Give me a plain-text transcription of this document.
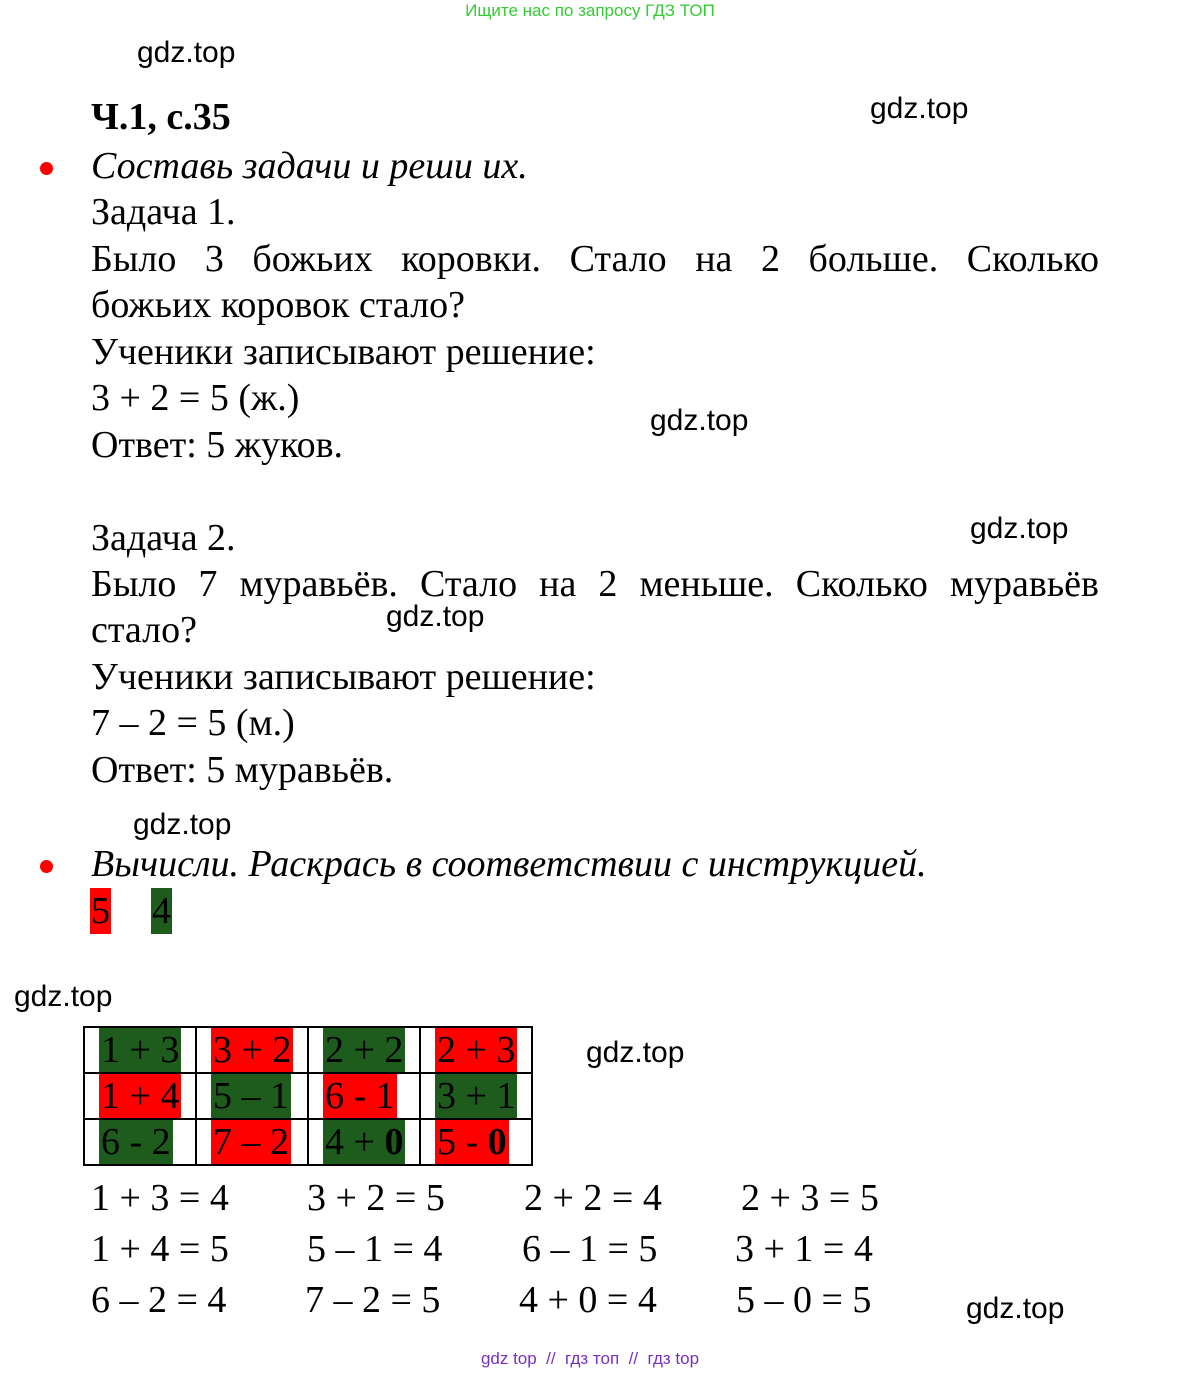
Ищите нас по запросу ГДЗ ТОП
gdz.top
gdz.top
gdz.top
gdz.top
gdz.top
gdz.top
gdz.top
gdz.top
gdz.top
Ч.1, с.35
Составь задачи и реши их.
Задача 1.
Было 3 божьих коровки. Стало на 2 больше. Сколько
божьих коровок стало?
Ученики записывают решение:
3 + 2 = 5 (ж.)
Ответ: 5 жуков.
Задача 2.
Было 7 муравьёв. Стало на 2 меньше. Сколько муравьёв
стало?
Ученики записывают решение:
7 – 2 = 5 (м.)
Ответ: 5 муравьёв.
Вычисли. Раскрась в соответствии с инструкцией.
5 4
1 + 3	3 + 2	2 + 2	2 + 3

1 + 4	5 – 1	6 - 1	3 + 1

6 - 2	7 – 2	4 + 0	5 - 0
1 + 3 = 4 3 + 2 = 5 2 + 2 = 4 2 + 3 = 5
1 + 4 = 5 5 – 1 = 4 6 – 1 = 5 3 + 1 = 4
6 – 2 = 4 7 – 2 = 5 4 + 0 = 4 5 – 0 = 5
gdz top  //  гдз топ  //  гдз top
